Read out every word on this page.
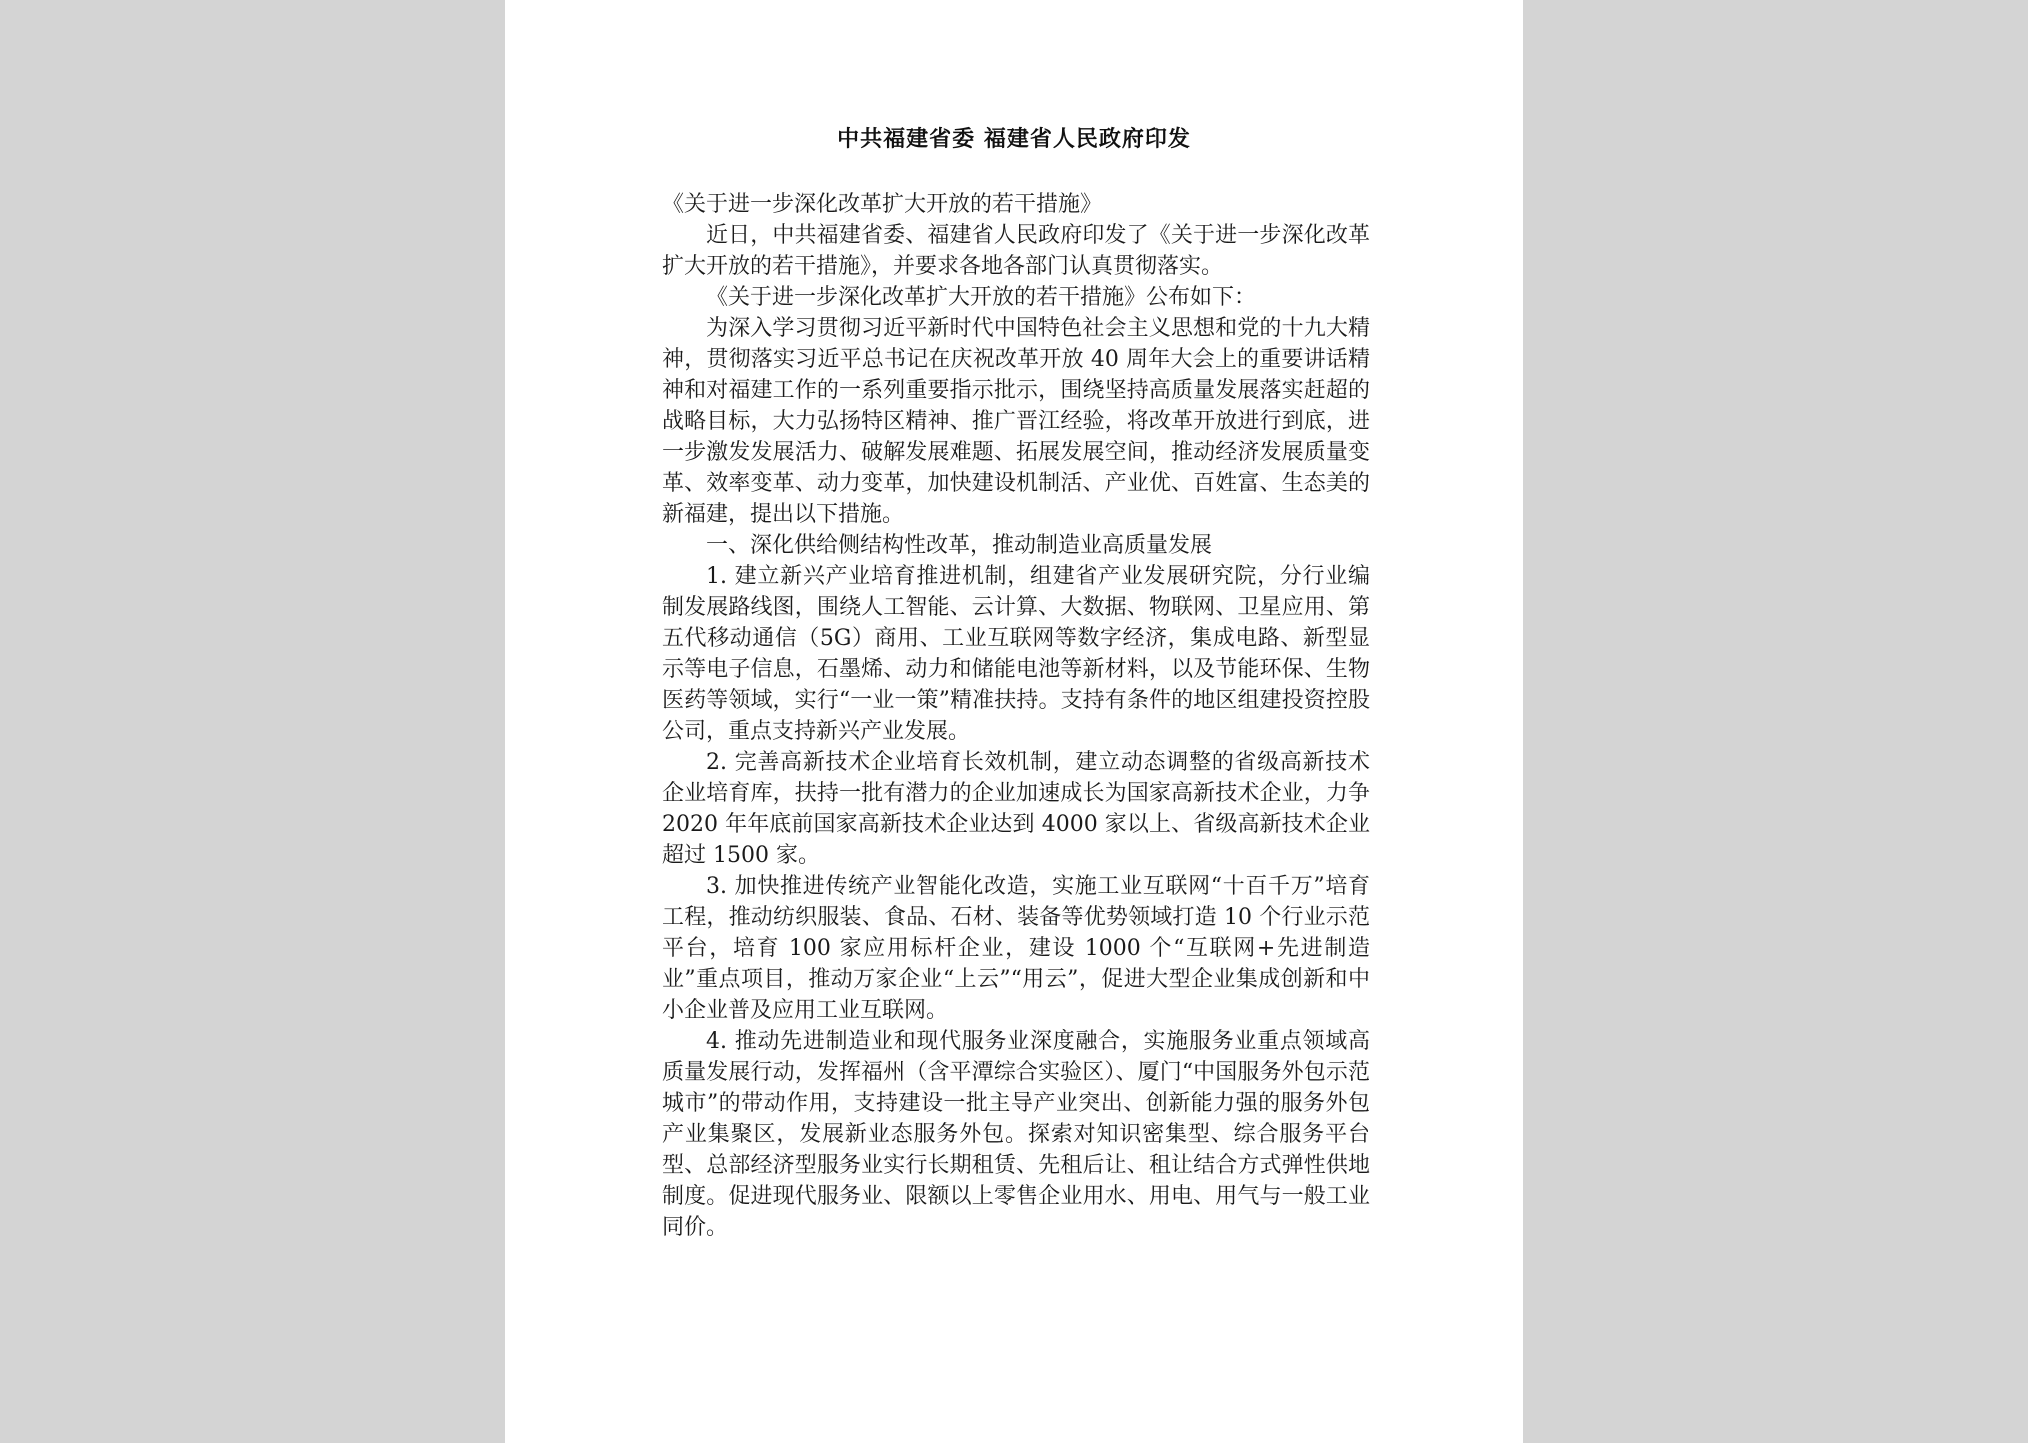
中共福建省委 福建省人民政府印发

《关于进一步深化改革扩大开放的若干措施》

近日，中共福建省委、福建省人民政府印发了《关于进一步深化改革扩大开放的若干措施》，并要求各地各部门认真贯彻落实。

《关于进一步深化改革扩大开放的若干措施》公布如下：

为深入学习贯彻习近平新时代中国特色社会主义思想和党的十九大精神，贯彻落实习近平总书记在庆祝改革开放 40 周年大会上的重要讲话精神和对福建工作的一系列重要指示批示，围绕坚持高质量发展落实赶超的战略目标，大力弘扬特区精神、推广晋江经验，将改革开放进行到底，进一步激发发展活力、破解发展难题、拓展发展空间，推动经济发展质量变革、效率变革、动力变革，加快建设机制活、产业优、百姓富、生态美的新福建，提出以下措施。

一、深化供给侧结构性改革，推动制造业高质量发展

1. 建立新兴产业培育推进机制，组建省产业发展研究院，分行业编制发展路线图，围绕人工智能、云计算、大数据、物联网、卫星应用、第五代移动通信（5G）商用、工业互联网等数字经济，集成电路、新型显示等电子信息，石墨烯、动力和储能电池等新材料，以及节能环保、生物医药等领域，实行“一业一策”精准扶持。支持有条件的地区组建投资控股公司，重点支持新兴产业发展。

2. 完善高新技术企业培育长效机制，建立动态调整的省级高新技术企业培育库，扶持一批有潜力的企业加速成长为国家高新技术企业，力争 2020 年年底前国家高新技术企业达到 4000 家以上、省级高新技术企业超过 1500 家。

3. 加快推进传统产业智能化改造，实施工业互联网“十百千万”培育工程，推动纺织服装、食品、石材、装备等优势领域打造 10 个行业示范平台，培育 100 家应用标杆企业，建设 1000 个“互联网+先进制造业”重点项目，推动万家企业“上云”“用云”，促进大型企业集成创新和中小企业普及应用工业互联网。

4. 推动先进制造业和现代服务业深度融合，实施服务业重点领域高质量发展行动，发挥福州（含平潭综合实验区）、厦门“中国服务外包示范城市”的带动作用，支持建设一批主导产业突出、创新能力强的服务外包产业集聚区，发展新业态服务外包。探索对知识密集型、综合服务平台型、总部经济型服务业实行长期租赁、先租后让、租让结合方式弹性供地制度。促进现代服务业、限额以上零售企业用水、用电、用气与一般工业同价。
